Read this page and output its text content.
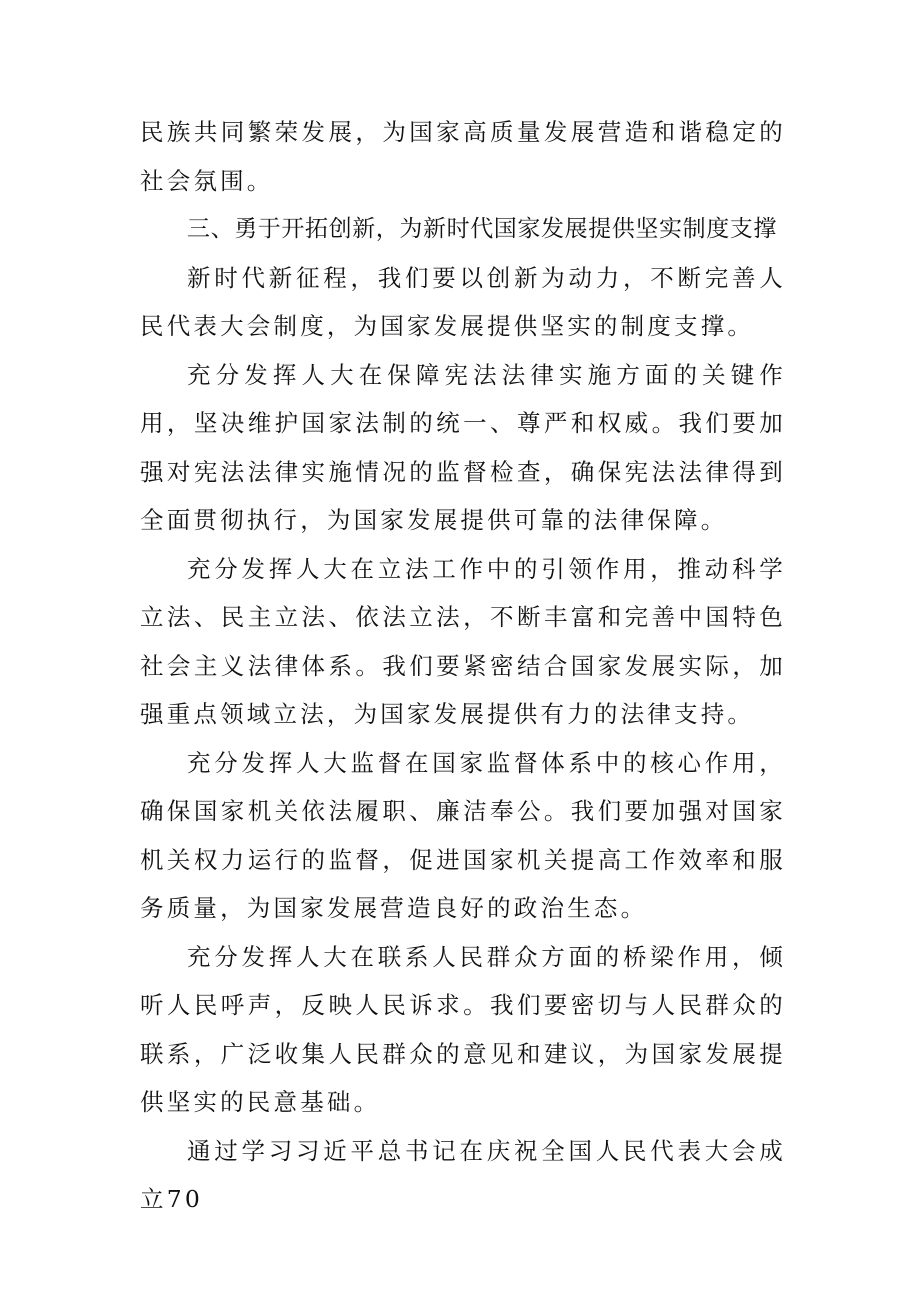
民族共同繁荣发展，为国家高质量发展营造和谐稳定的社会氛围。

三、勇于开拓创新，为新时代国家发展提供坚实制度支撑

新时代新征程，我们要以创新为动力，不断完善人民代表大会制度，为国家发展提供坚实的制度支撑。

充分发挥人大在保障宪法法律实施方面的关键作用，坚决维护国家法制的统一、尊严和权威。我们要加强对宪法法律实施情况的监督检查，确保宪法法律得到全面贯彻执行，为国家发展提供可靠的法律保障。

充分发挥人大在立法工作中的引领作用，推动科学立法、民主立法、依法立法，不断丰富和完善中国特色社会主义法律体系。我们要紧密结合国家发展实际，加强重点领域立法，为国家发展提供有力的法律支持。

充分发挥人大监督在国家监督体系中的核心作用，确保国家机关依法履职、廉洁奉公。我们要加强对国家机关权力运行的监督，促进国家机关提高工作效率和服务质量，为国家发展营造良好的政治生态。

充分发挥人大在联系人民群众方面的桥梁作用，倾听人民呼声，反映人民诉求。我们要密切与人民群众的联系，广泛收集人民群众的意见和建议，为国家发展提供坚实的民意基础。

通过学习习近平总书记在庆祝全国人民代表大会成立70
